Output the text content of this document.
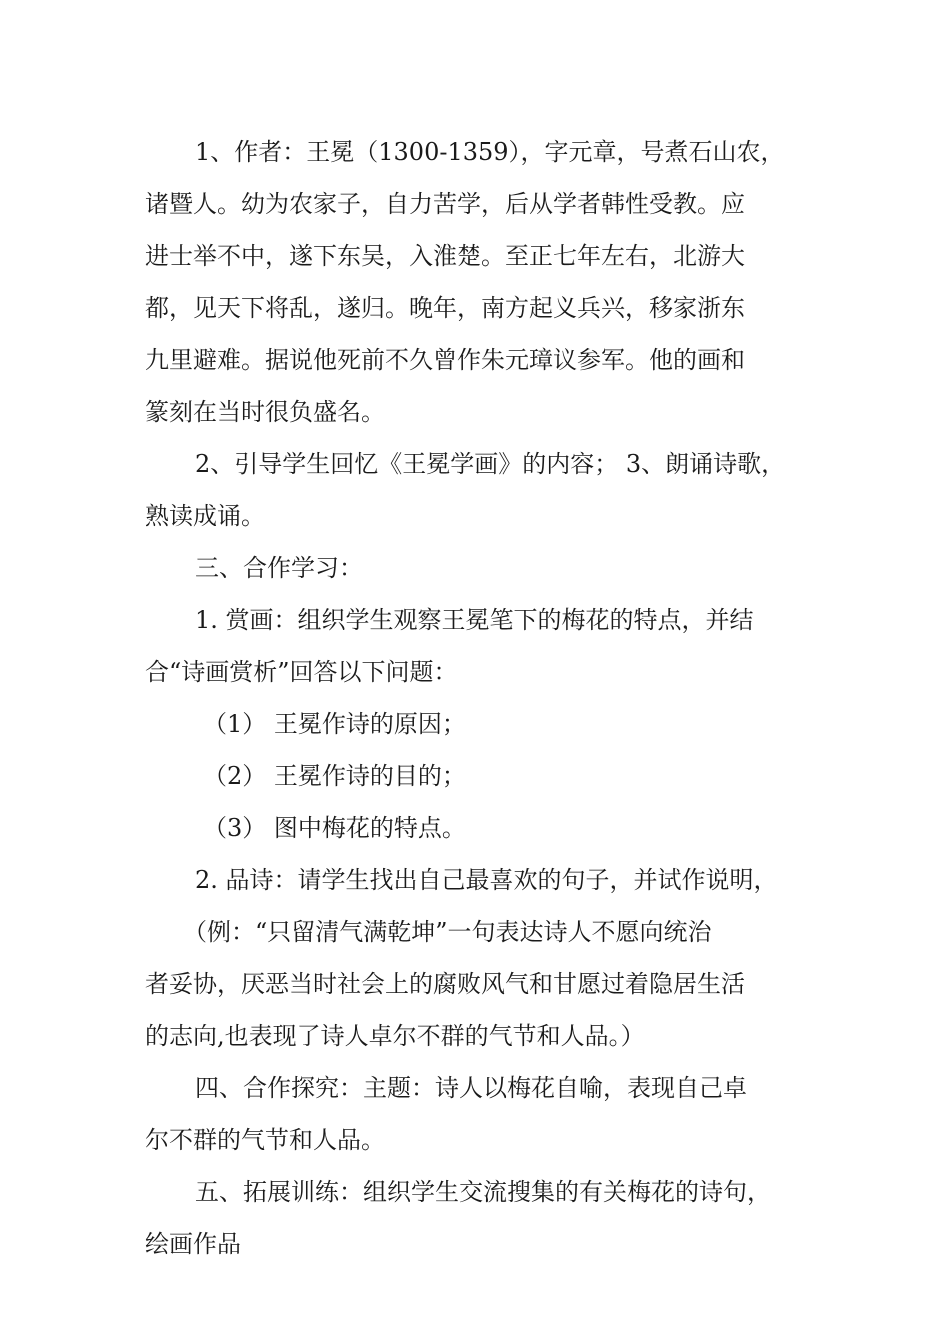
1、作者：王冕（1300-1359），字元章，号煮石山农，
诸暨人。幼为农家子，自力苦学，后从学者韩性受教。应
进士举不中，遂下东吴，入淮楚。至正七年左右，北游大
都，见天下将乱，遂归。晚年，南方起义兵兴，移家浙东
九里避难。据说他死前不久曾作朱元璋议参军。他的画和
篆刻在当时很负盛名。
2、引导学生回忆《王冕学画》的内容； 3、朗诵诗歌，
熟读成诵。
三、合作学习：
1. 赏画：组织学生观察王冕笔下的梅花的特点，并结
合“诗画赏析”回答以下问题：
（1） 王冕作诗的原因；
（2） 王冕作诗的目的；
（3） 图中梅花的特点。
2. 品诗：请学生找出自己最喜欢的句子，并试作说明，
（例：“只留清气满乾坤”一句表达诗人不愿向统治
者妥协，厌恶当时社会上的腐败风气和甘愿过着隐居生活
的志向,也表现了诗人卓尔不群的气节和人品。）
四、合作探究：主题：诗人以梅花自喻，表现自己卓
尔不群的气节和人品。
五、拓展训练：组织学生交流搜集的有关梅花的诗句，
绘画作品
